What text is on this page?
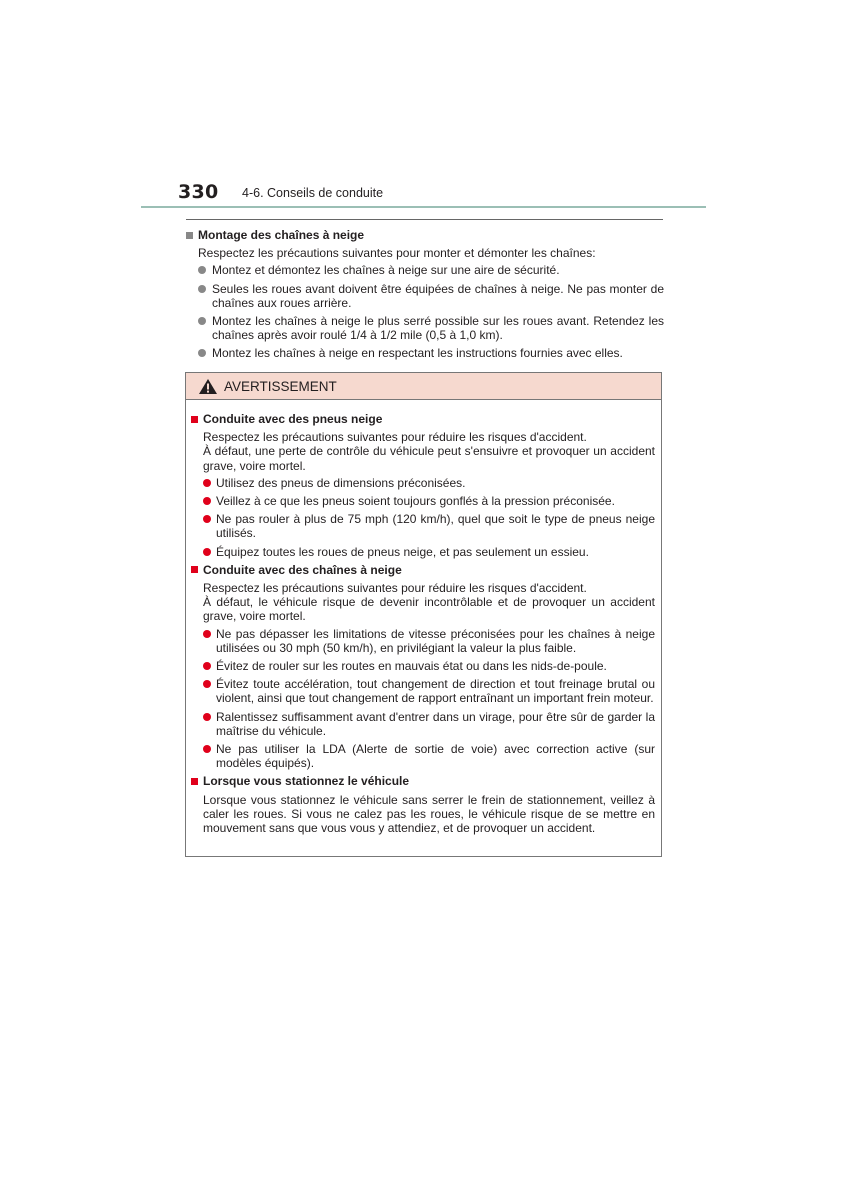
330 4-6. Conseils de conduite
Montage des chaînes à neige
Respectez les précautions suivantes pour monter et démonter les chaînes:
Montez et démontez les chaînes à neige sur une aire de sécurité.
Seules les roues avant doivent être équipées de chaînes à neige. Ne pas monter de chaînes aux roues arrière.
Montez les chaînes à neige le plus serré possible sur les roues avant. Retendez les chaînes après avoir roulé 1/4 à 1/2 mile (0,5 à 1,0 km).
Montez les chaînes à neige en respectant les instructions fournies avec elles.
AVERTISSEMENT
Conduite avec des pneus neige
Respectez les précautions suivantes pour réduire les risques d'accident.
À défaut, une perte de contrôle du véhicule peut s'ensuivre et provoquer un accident grave, voire mortel.
Utilisez des pneus de dimensions préconisées.
Veillez à ce que les pneus soient toujours gonflés à la pression préconisée.
Ne pas rouler à plus de 75 mph (120 km/h), quel que soit le type de pneus neige utilisés.
Équipez toutes les roues de pneus neige, et pas seulement un essieu.
Conduite avec des chaînes à neige
Respectez les précautions suivantes pour réduire les risques d'accident.
À défaut, le véhicule risque de devenir incontrôlable et de provoquer un accident grave, voire mortel.
Ne pas dépasser les limitations de vitesse préconisées pour les chaînes à neige utilisées ou 30 mph (50 km/h), en privilégiant la valeur la plus faible.
Évitez de rouler sur les routes en mauvais état ou dans les nids-de-poule.
Évitez toute accélération, tout changement de direction et tout freinage brutal ou violent, ainsi que tout changement de rapport entraînant un important frein moteur.
Ralentissez suffisamment avant d'entrer dans un virage, pour être sûr de garder la maîtrise du véhicule.
Ne pas utiliser la LDA (Alerte de sortie de voie) avec correction active (sur modèles équipés).
Lorsque vous stationnez le véhicule
Lorsque vous stationnez le véhicule sans serrer le frein de stationnement, veillez à caler les roues. Si vous ne calez pas les roues, le véhicule risque de se mettre en mouvement sans que vous vous y attendiez, et de provoquer un accident.
